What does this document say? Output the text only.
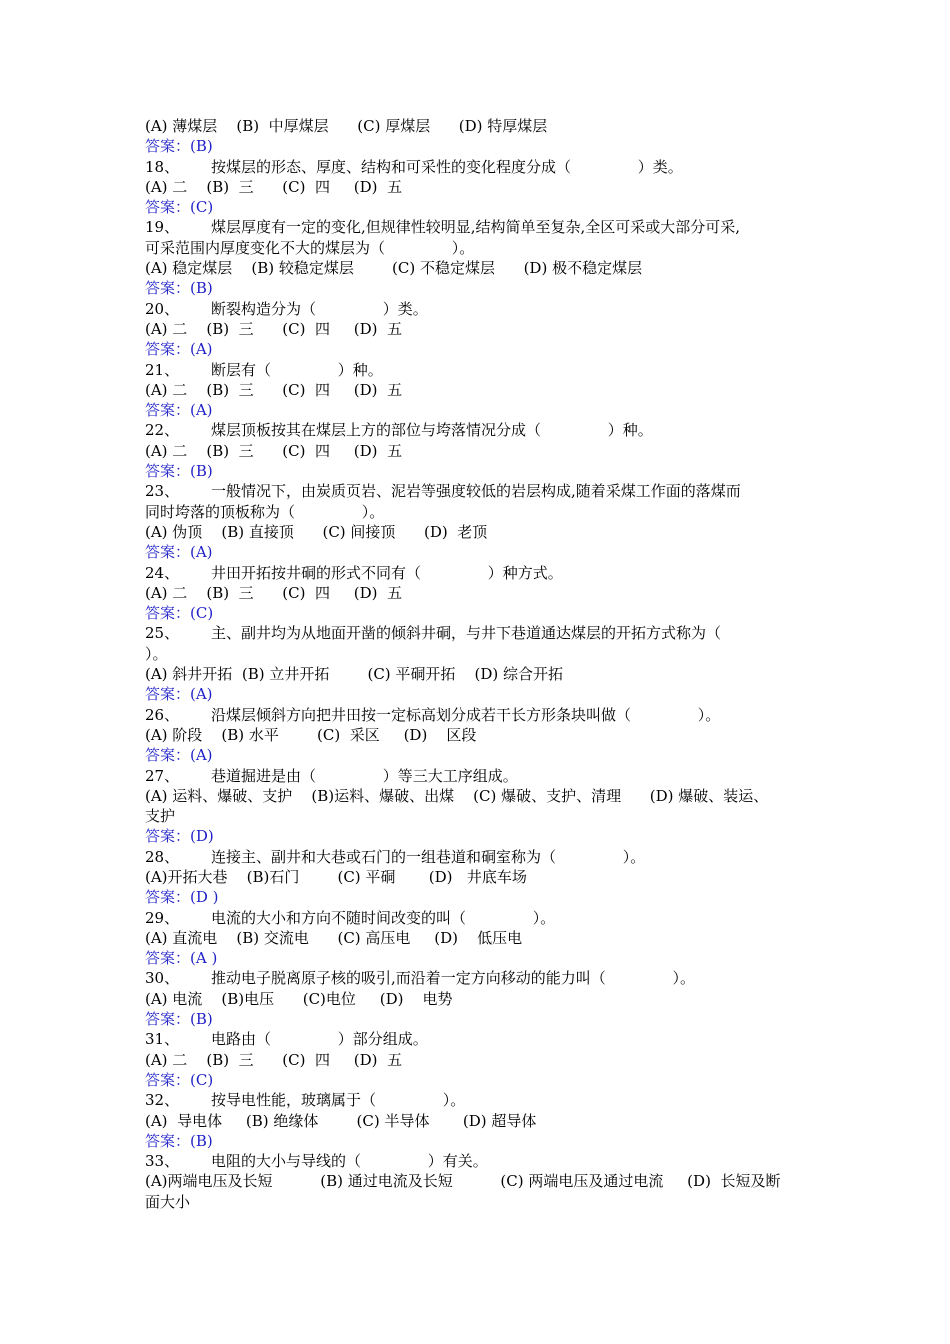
(A) 薄煤层    (B)  中厚煤层      (C) 厚煤层      (D) 特厚煤层
答案：(B)
18、 按煤层的形态、厚度、结构和可采性的变化程度分成（              ）类。
(A) 二    (B)  三      (C)  四     (D)  五
答案：(C)
19、 煤层厚度有一定的变化,但规律性较明显,结构简单至复杂,全区可采或大部分可采,
可采范围内厚度变化不大的煤层为（              ）。
(A) 稳定煤层    (B) 较稳定煤层        (C) 不稳定煤层      (D) 极不稳定煤层
答案：(B)
20、 断裂构造分为（              ）类。
(A) 二    (B)  三      (C)  四     (D)  五
答案：(A)
21、 断层有（              ）种。
(A) 二    (B)  三      (C)  四     (D)  五
答案：(A)
22、 煤层顶板按其在煤层上方的部位与垮落情况分成（              ）种。
(A) 二    (B)  三      (C)  四     (D)  五
答案：(B)
23、 一般情况下，由炭质页岩、泥岩等强度较低的岩层构成,随着采煤工作面的落煤而
同时垮落的顶板称为（              ）。
(A) 伪顶    (B) 直接顶      (C) 间接顶      (D)  老顶
答案：(A)
24、 井田开拓按井硐的形式不同有（              ）种方式。
(A) 二    (B)  三      (C)  四     (D)  五
答案：(C)
25、 主、副井均为从地面开凿的倾斜井硐，与井下巷道通达煤层的开拓方式称为（
）。
(A) 斜井开拓  (B) 立井开拓        (C) 平硐开拓    (D) 综合开拓
答案：(A)
26、 沿煤层倾斜方向把井田按一定标高划分成若干长方形条块叫做（              ）。
(A) 阶段    (B) 水平        (C)  采区     (D)    区段
答案：(A)
27、 巷道掘进是由（              ）等三大工序组成。
(A) 运料、爆破、支护    (B)运料、爆破、出煤    (C) 爆破、支护、清理      (D) 爆破、装运、
支护
答案：(D)
28、 连接主、副井和大巷或石门的一组巷道和硐室称为（              ）。
(A)开拓大巷    (B)石门        (C) 平硐       (D)   井底车场
答案：(D )
29、 电流的大小和方向不随时间改变的叫（              ）。
(A) 直流电    (B) 交流电      (C) 高压电     (D)    低压电
答案：(A )
30、 推动电子脱离原子核的吸引,而沿着一定方向移动的能力叫（              ）。
(A) 电流    (B)电压      (C)电位     (D)    电势
答案：(B)
31、 电路由（              ）部分组成。
(A) 二    (B)  三      (C)  四     (D)  五
答案：(C)
32、 按导电性能，玻璃属于（              ）。
(A)  导电体     (B) 绝缘体        (C) 半导体       (D) 超导体
答案：(B)
33、 电阻的大小与导线的（              ）有关。
(A)两端电压及长短          (B) 通过电流及长短          (C) 两端电压及通过电流     (D)  长短及断
面大小
